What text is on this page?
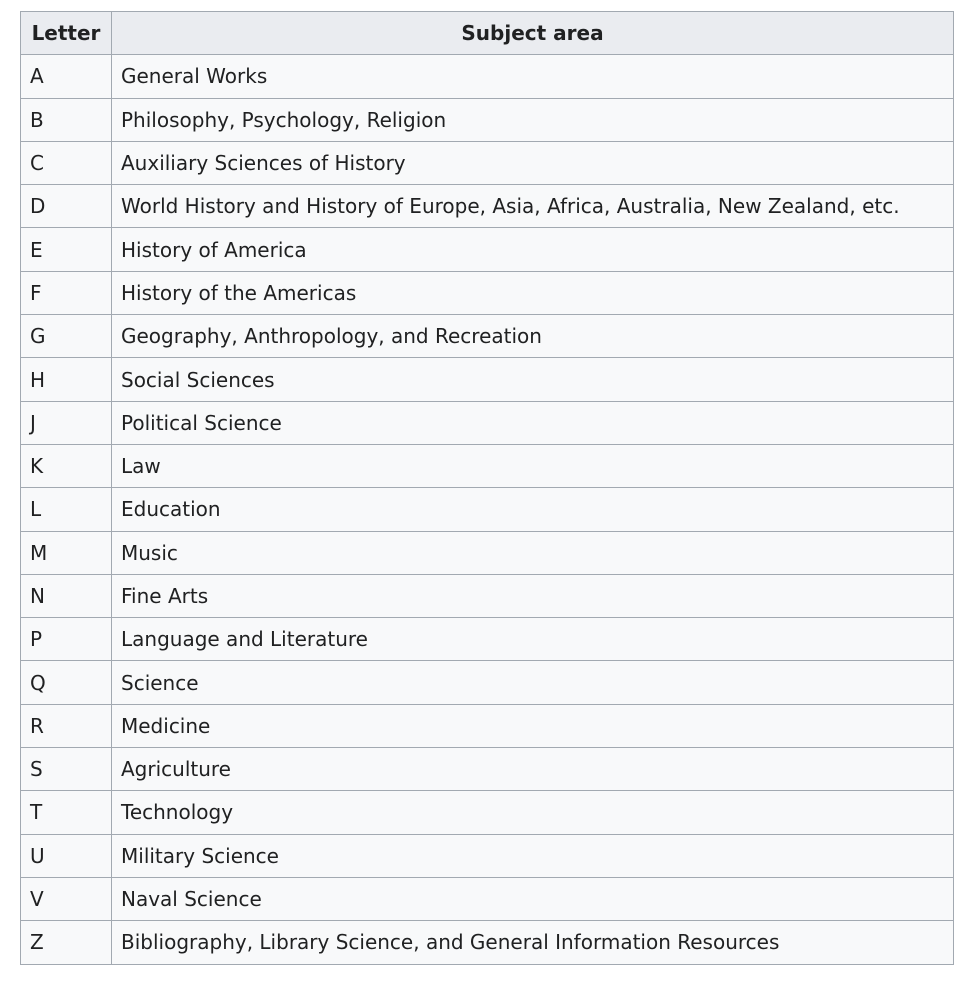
Letter	Subject area
A	General Works
B	Philosophy, Psychology, Religion
C	Auxiliary Sciences of History
D	World History and History of Europe, Asia, Africa, Australia, New Zealand, etc.
E	History of America
F	History of the Americas
G	Geography, Anthropology, and Recreation
H	Social Sciences
J	Political Science
K	Law
L	Education
M	Music
N	Fine Arts
P	Language and Literature
Q	Science
R	Medicine
S	Agriculture
T	Technology
U	Military Science
V	Naval Science
Z	Bibliography, Library Science, and General Information Resources
